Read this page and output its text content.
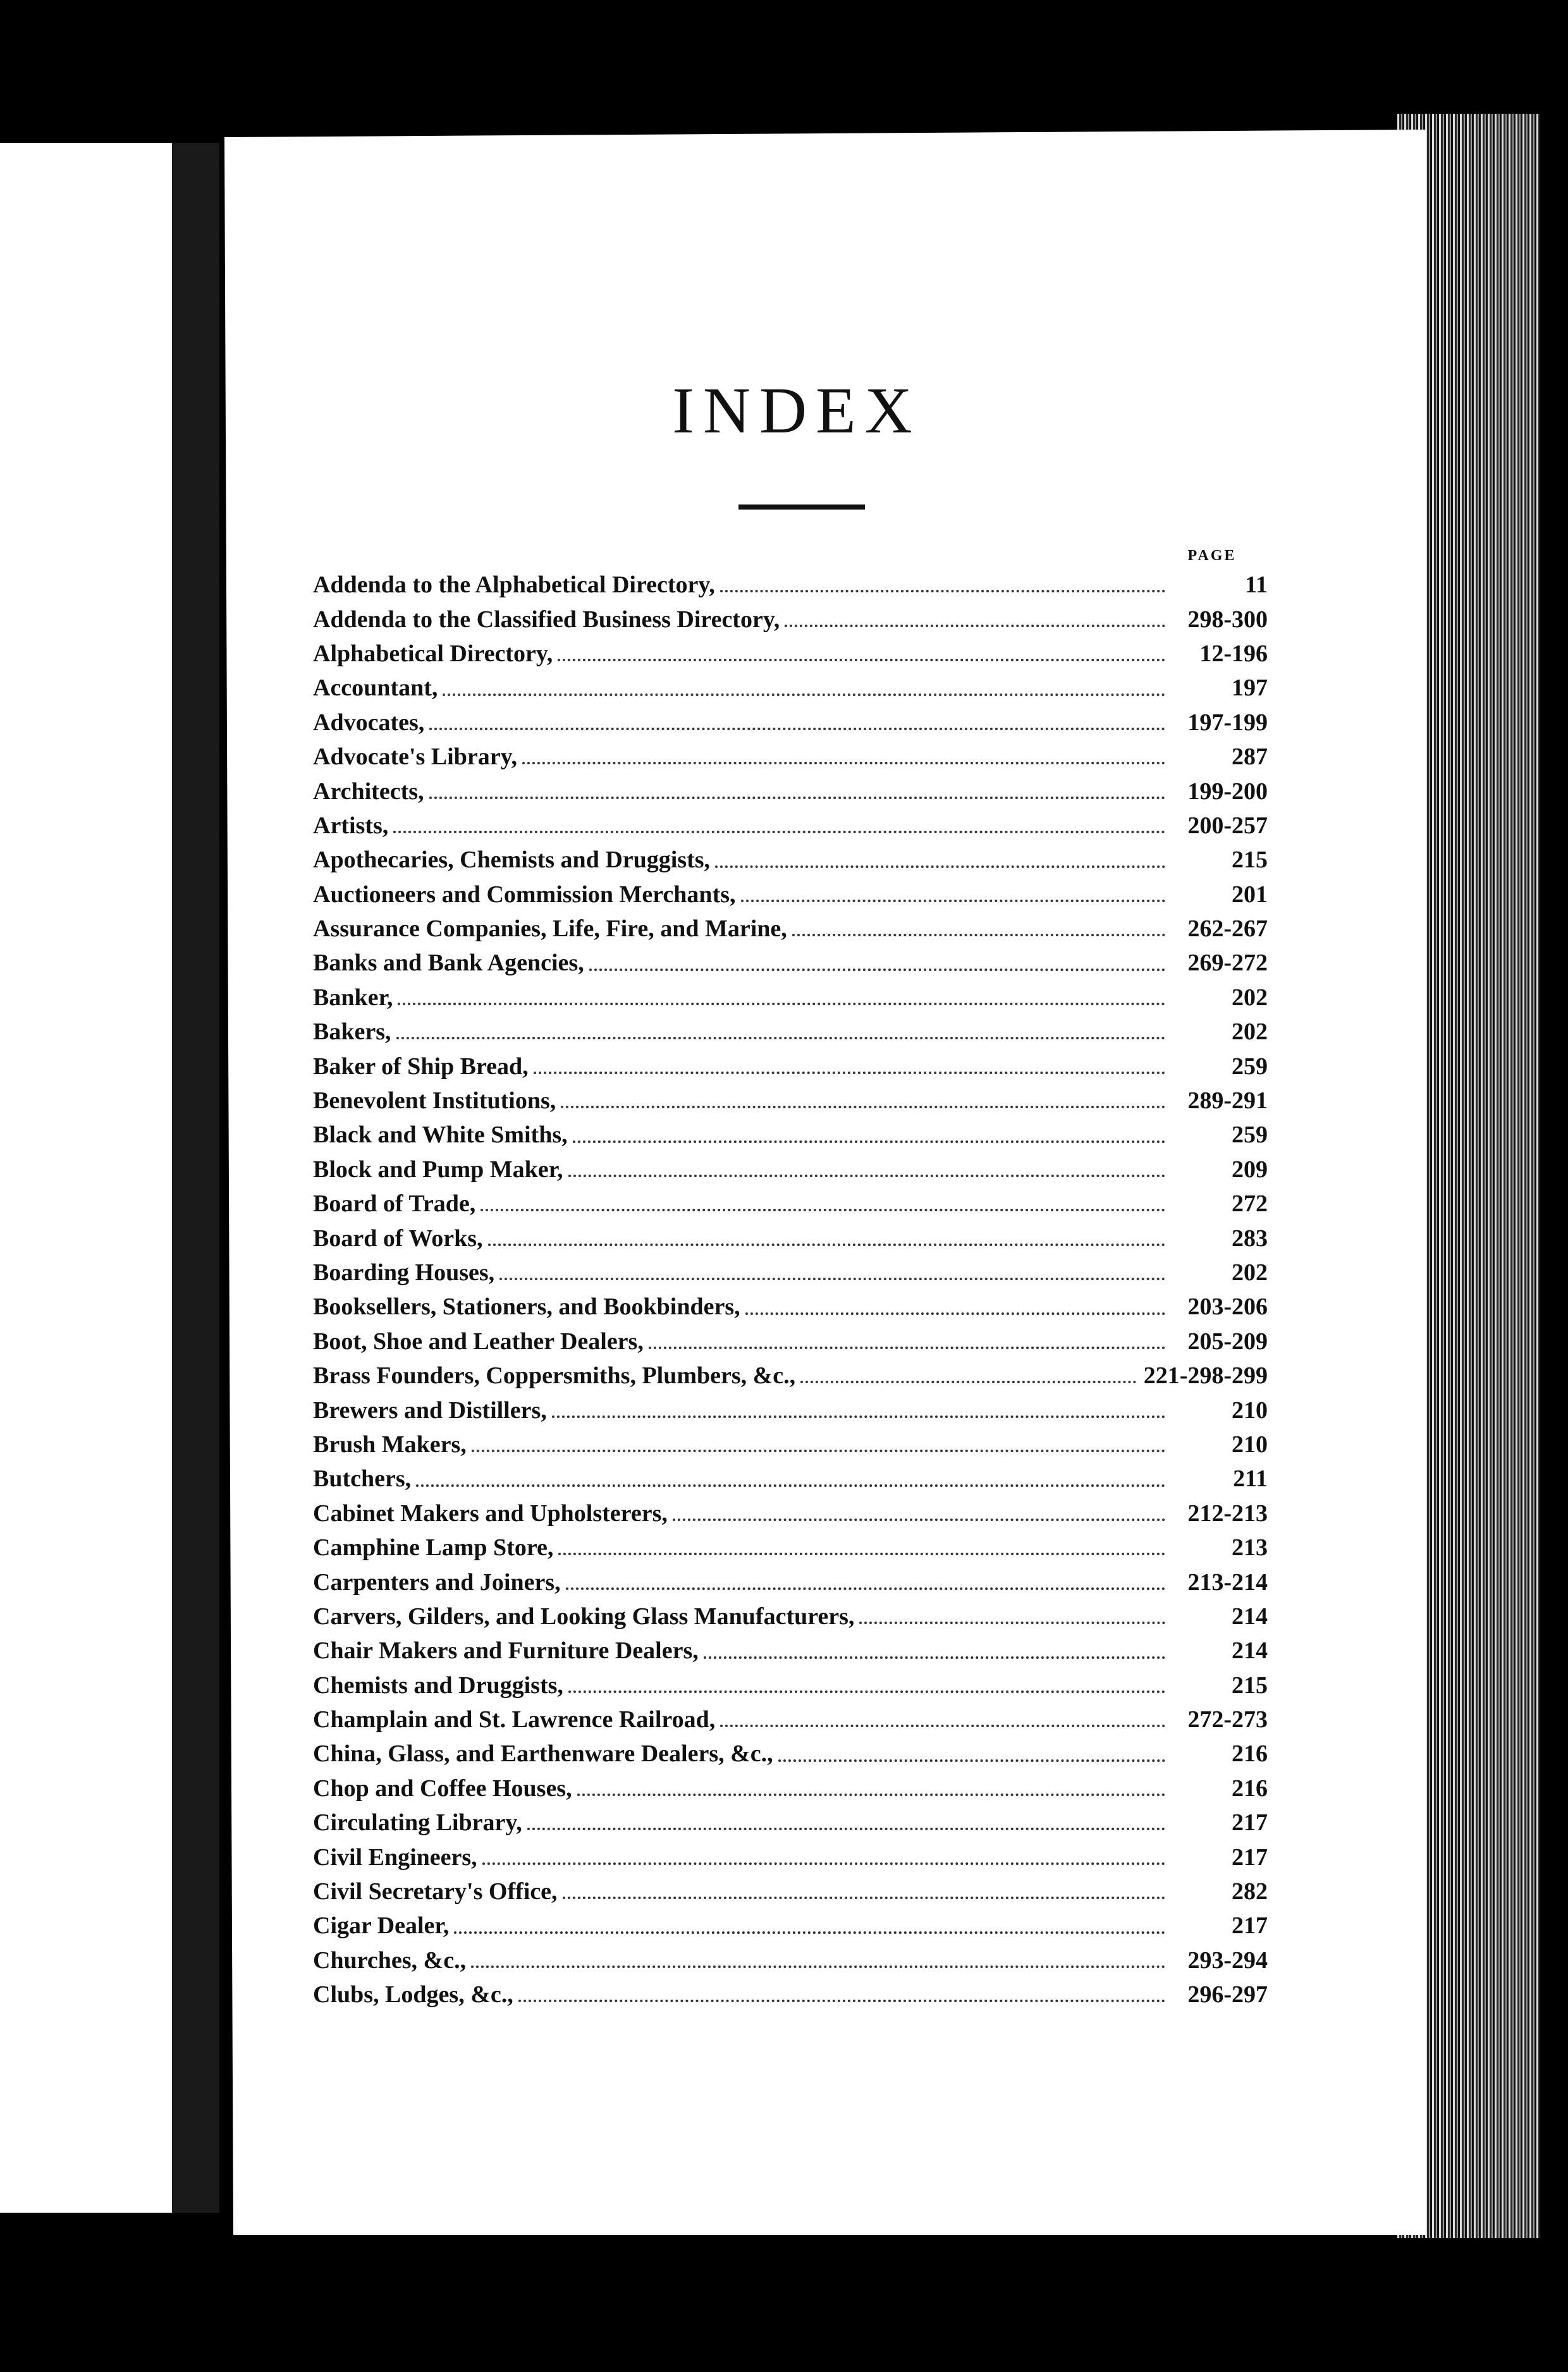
INDEX
PAGE
Addenda to the Alphabetical Directory,	11
Addenda to the Classified Business Directory,	298-300
Alphabetical Directory,	12-196
Accountant,	197
Advocates,	197-199
Advocate's Library,	287
Architects,	199-200
Artists,	200-257
Apothecaries, Chemists and Druggists,	215
Auctioneers and Commission Merchants,	201
Assurance Companies, Life, Fire, and Marine,	262-267
Banks and Bank Agencies,	269-272
Banker,	202
Bakers,	202
Baker of Ship Bread,	259
Benevolent Institutions,	289-291
Black and White Smiths,	259
Block and Pump Maker,	209
Board of Trade,	272
Board of Works,	283
Boarding Houses,	202
Booksellers, Stationers, and Bookbinders,	203-206
Boot, Shoe and Leather Dealers,	205-209
Brass Founders, Coppersmiths, Plumbers, &c.,	221-298-299
Brewers and Distillers,	210
Brush Makers,	210
Butchers,	211
Cabinet Makers and Upholsterers,	212-213
Camphine Lamp Store,	213
Carpenters and Joiners,	213-214
Carvers, Gilders, and Looking Glass Manufacturers,	214
Chair Makers and Furniture Dealers,	214
Chemists and Druggists,	215
Champlain and St. Lawrence Railroad,	272-273
China, Glass, and Earthenware Dealers, &c.,	216
Chop and Coffee Houses,	216
Circulating Library,	217
Civil Engineers,	217
Civil Secretary's Office,	282
Cigar Dealer,	217
Churches, &c.,	293-294
Clubs, Lodges, &c.,	296-297
